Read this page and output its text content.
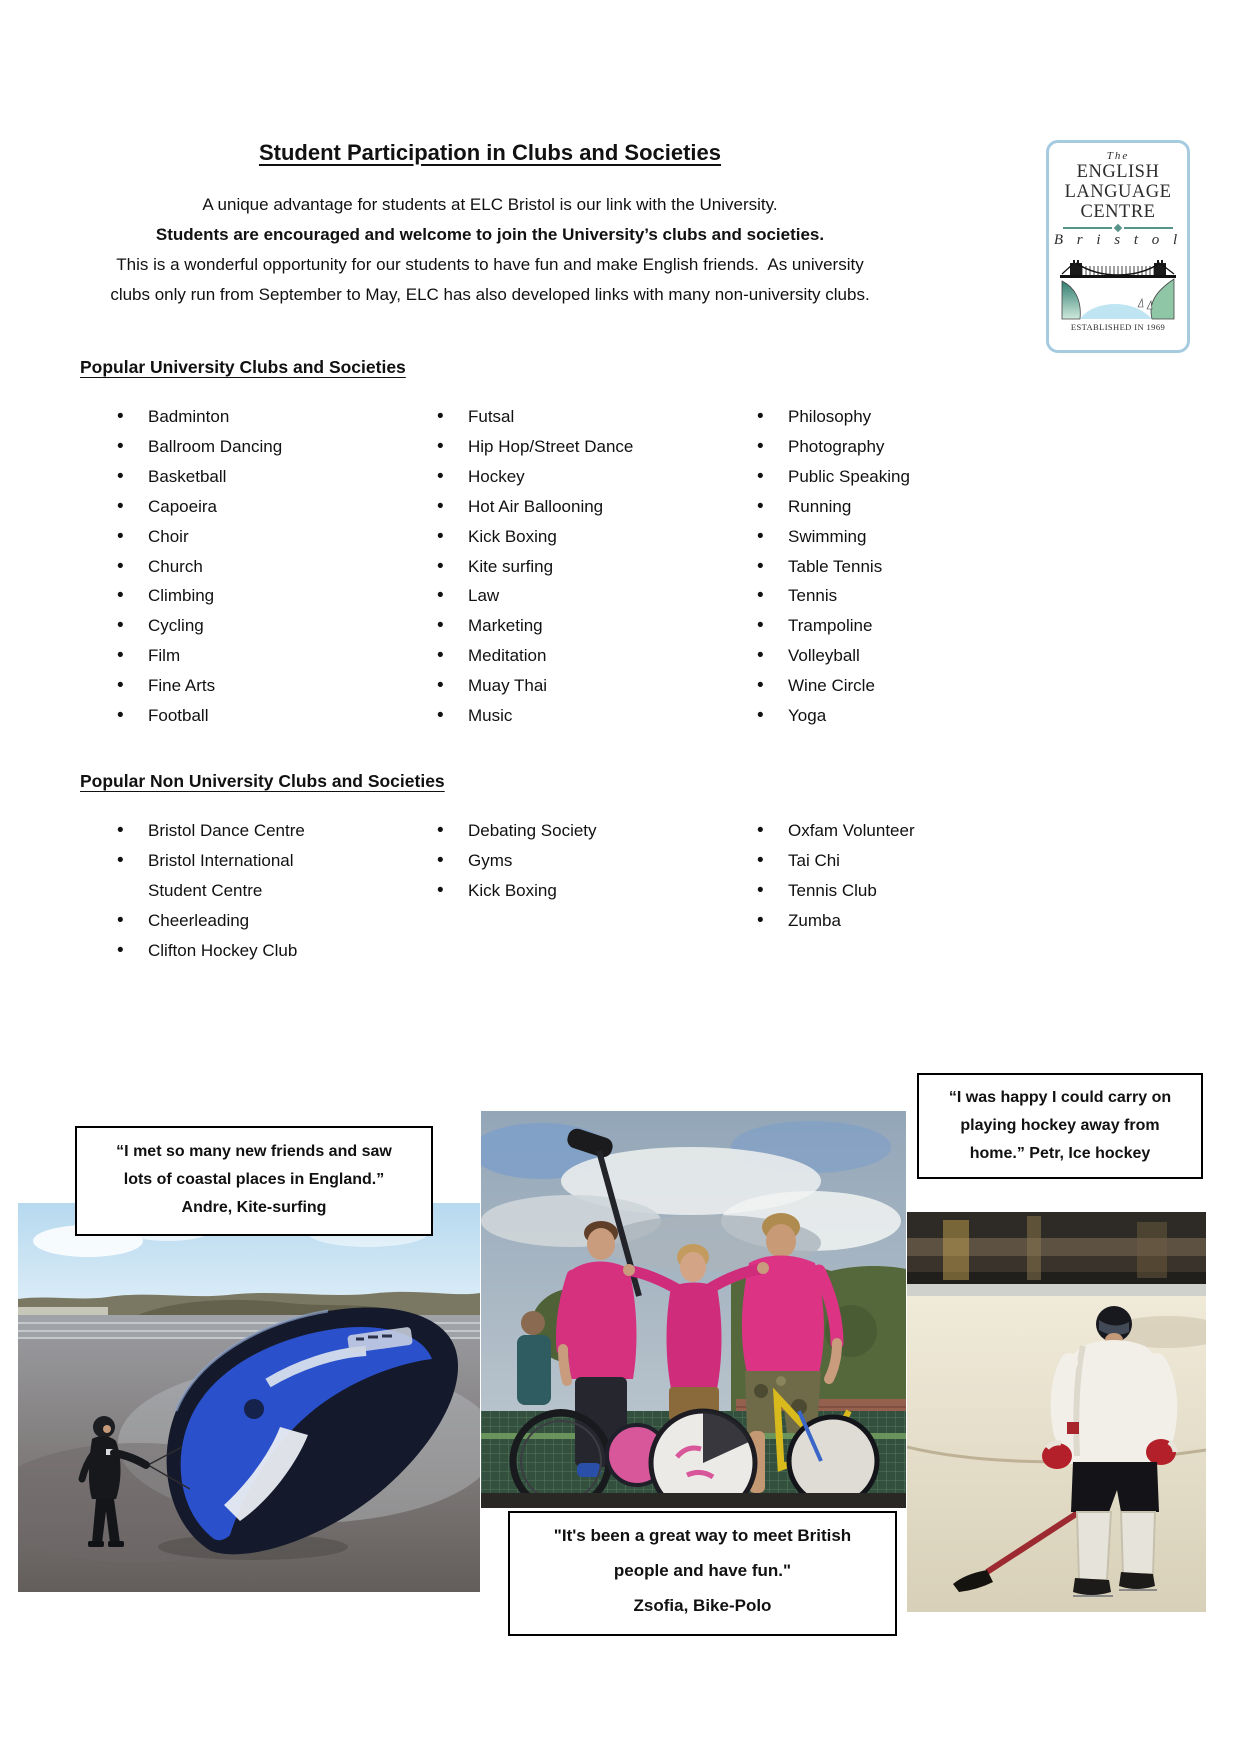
Student Participation in Clubs and Societies
A unique advantage for students at ELC Bristol is our link with the University.
Students are encouraged and welcome to join the University’s clubs and societies.
This is a wonderful opportunity for our students to have fun and make English friends.  As university
clubs only run from September to May, ELC has also developed links with many non-university clubs.
The
ENGLISH
LANGUAGE
CENTRE
B r i s t o l
ESTABLISHED IN 1969
Popular University Clubs and Societies
•
Badminton
•
Ballroom Dancing
•
Basketball
•
Capoeira
•
Choir
•
Church
•
Climbing
•
Cycling
•
Film
•
Fine Arts
•
Football
•
Futsal
•
Hip Hop/Street Dance
•
Hockey
•
Hot Air Ballooning
•
Kick Boxing
•
Kite surfing
•
Law
•
Marketing
•
Meditation
•
Muay Thai
•
Music
•
Philosophy
•
Photography
•
Public Speaking
•
Running
•
Swimming
•
Table Tennis
•
Tennis
•
Trampoline
•
Volleyball
•
Wine Circle
•
Yoga
Popular Non University Clubs and Societies
•
Bristol Dance Centre
•
Bristol International Student Centre
•
Cheerleading
•
Clifton Hockey Club
•
Debating Society
•
Gyms
•
Kick Boxing
•
Oxfam Volunteer
•
Tai Chi
•
Tennis Club
•
Zumba
“I met so many new friends and saw
lots of coastal places in England.”
Andre, Kite-surfing
“I was happy I could carry on
playing hockey away from
home.” Petr, Ice hockey
"It's been a great way to meet British
people and have fun."
Zsofia, Bike-Polo
